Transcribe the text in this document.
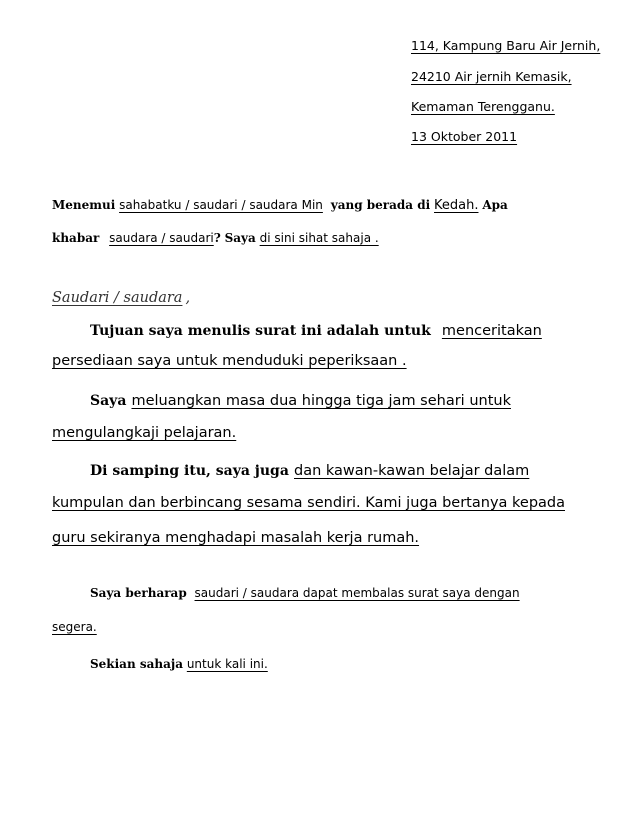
114, Kampung Baru Air Jernih,
24210 Air jernih Kemasik,
Kemaman Terengganu.
13 Oktober 2011
Menemui sahabatku / saudari / saudara Min yang berada di Kedah. Apa
khabar saudara / saudari? Saya di sini sihat sahaja .
Saudari / saudara ,
Tujuan saya menulis surat ini adalah untuk menceritakan
persediaan saya untuk menduduki peperiksaan .
Saya meluangkan masa dua hingga tiga jam sehari untuk
mengulangkaji pelajaran.
Di samping itu, saya juga dan kawan-kawan belajar dalam
kumpulan dan berbincang sesama sendiri. Kami juga bertanya kepada
guru sekiranya menghadapi masalah kerja rumah.
Saya berharap saudari / saudara dapat membalas surat saya dengan
segera.
Sekian sahaja untuk kali ini.
